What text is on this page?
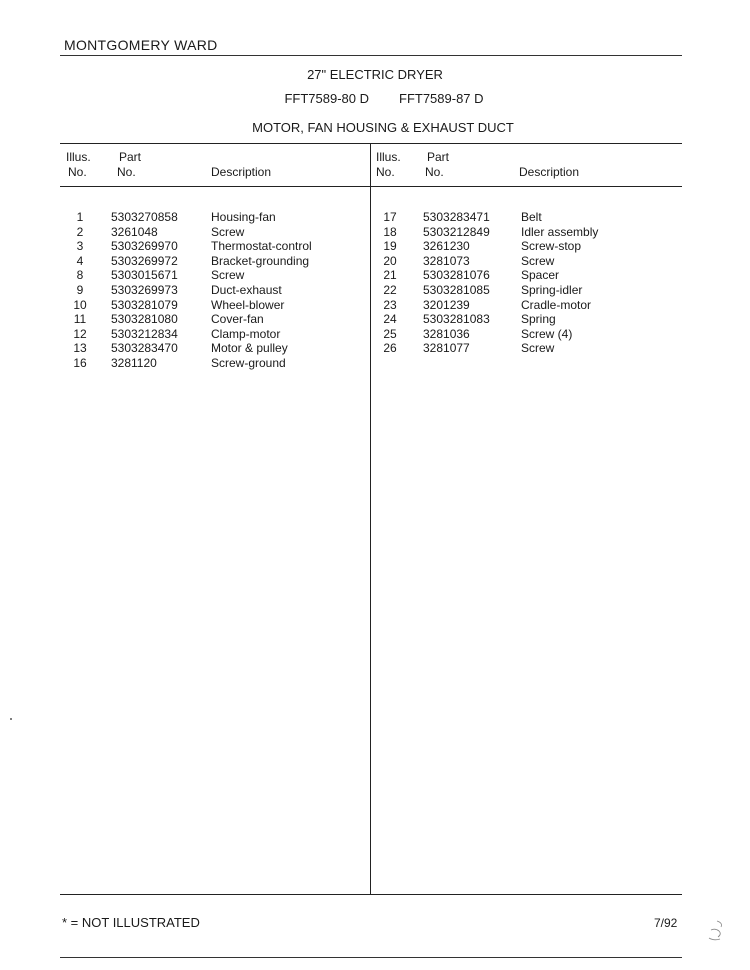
MONTGOMERY WARD
27" ELECTRIC DRYER
FFT7589-80 D FFT7589-87 D
MOTOR, FAN HOUSING & EXHAUST DUCT
Illus.
No.
Part
No.	Description
Illus.
No.
Part
No.	Description
1	5303270858	Housing-fan
2	3261048	Screw
3	5303269970	Thermostat-control
4	5303269972	Bracket-grounding
8	5303015671	Screw
9	5303269973	Duct-exhaust
10	5303281079	Wheel-blower
11	5303281080	Cover-fan
12	5303212834	Clamp-motor
13	5303283470	Motor & pulley
16	3281120	Screw-ground
17	5303283471	Belt
18	5303212849	Idler assembly
19	3261230	Screw-stop
20	3281073	Screw
21	5303281076	Spacer
22	5303281085	Spring-idler
23	3201239	Cradle-motor
24	5303281083	Spring
25	3281036	Screw (4)
26	3281077	Screw
* = NOT ILLUSTRATED	7/92
